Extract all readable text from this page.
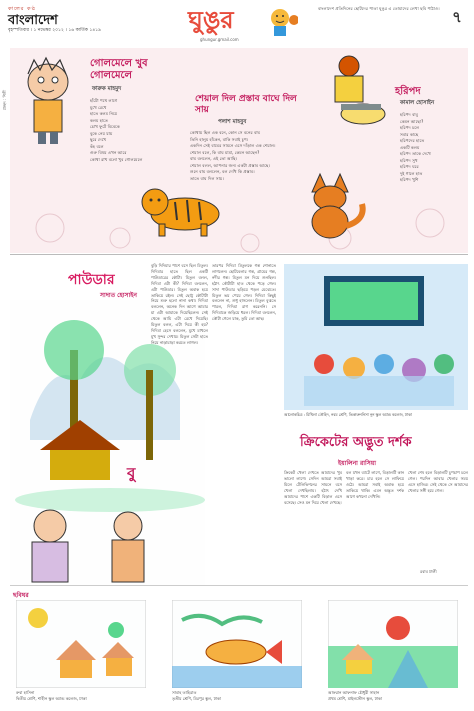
কালের কণ্ঠ
বাংলাদেশ
বৃহস্পতিবার । ১ নভেম্বর ২০১২ । ১৬ কার্তিক ১৪১৯	ঘুঙুর
ghungur.gmail.com
বাংলাদেশ প্রতিদিনের ছোটদের পাতা ঘুঙুর এ তোমাদের লেখা ছবি পাঠাও। ৭
গোলমেলে খুব গোলমেলে
ফারুক মাহমুদ
হাঁটো পথে লাগে
মুখে রেখে
হাতে কলম নিয়ে
কলম হাতে
চোখ ফুটে বিবেকে
বুকে নেয় যায়
ছুরে দেখে
কঁহ বলে
গুরু বিষয় এখন আরে
কোথা রাখ বলো খুব গোলমেলে
শেয়াল দিল প্রস্তাব বাঘে দিল সায়
পলাশ মাহবুব
কোথায় ছিল এক বনে, কোন সে বনের বাঘ
তিনি হালুম হাঁকেন, বাকি সবাই চুপ।
একদিন সেই বাঘের সামনে এসে দাঁড়াল এক শেয়াল।
শেয়াল বলে, কি বাঘ মামা, কেমন আছেন?
বাঘ বললেন, এই তো আছি।
শেয়াল বলল, আপনার জন্য একটা প্রস্তাব আছে।
শুনে বাঘ বললেন, বল দেখি কি প্রস্তাব।
তাতে বাঘ দিল সায়।
হরিপদ
কামাল হোসাইন
হরিপদ বাবু
কেমন আছো?
হরিপদ চলে
সবার কাছে
হরিপদের হাতে
একটি কলম
হরিপদ তাকে দেখে
হরিপদ সুখ
হরিপদ ঘরে
দুই গালে হাত
হরিপদ খুশি
প্রচ্ছদ : শিল্পী
পাউডার
সাদাত হোসাইন
বুড়ি দিদিমার পাশে বসে ছিল মিতুল। দিদিমার হাতে ছিল একটি পাউডারের কৌটা। মিতুল বলল, দিদিমা এটা কী? দিদিমা বললেন, এটা পাউডার। মিতুল অবাক হয়ে তাকিয়ে রইল। সেই ছোট্ট কৌটাটা নিয়ে শুরু হলো নানা কথা। দিদিমা বললেন, অনেক দিন আগে আমার মা এটা আমাকে দিয়েছিলেন। সেই থেকে আমি এটা রেখে দিয়েছি। মিতুল বলল, এটা দিয়ে কী হয়? দিদিমা হেসে বললেন, মুখে মাখলে মুখ সুন্দর দেখায়। মিতুল সেটা হাতে নিয়ে নাড়াচাড়া করতে লাগল।
তারপর দিদিমা মিতুলকে গল্প শোনাতে লাগলেন। ছোটবেলার গল্প, গ্রামের গল্প, নদীর গল্প। মিতুল মন দিয়ে শুনছিল। হঠাৎ কৌটাটা হাত থেকে পড়ে গেল। সাদা পাউডার ছড়িয়ে পড়ল মেঝেতে। মিতুল ভয় পেয়ে গেল। দিদিমা কিছুই বললেন না, শুধু হাসলেন। মিতুল বুঝতে পারল, দিদিমা রাগ করেননি। সে দিদিমাকে জড়িয়ে ধরল। দিদিমা বললেন, কৌটা গেলে যাক, তুমি তো আছ।
বু
আলোকচিত্র : মিথিলা তৌহিদ, নবম শ্রেণি, ভিকারুননিসা নূন স্কুল অ্যান্ড কলেজ, ঢাকা
ক্রিকেটের অদ্ভুত দর্শক
ইয়ালিনা রাসিয়া
ক্রিকেট খেলা দেখতে আমাদের খুব ভালো লাগে। সেদিন আমরা সবাই মিলে টেলিভিশনের সামনে বসে খেলা দেখছিলাম। হঠাৎ দেখি আমাদের পাশে একটি বিড়াল এসে বসেছে। সেও মন দিয়ে খেলা দেখছে।
বল যখন ব্যাটে লাগে, বিড়ালটি কান খাড়া করে। চার হলে সে লাফিয়ে ওঠে। আমরা সবাই অবাক হয়ে তাকিয়ে থাকি। এমন অদ্ভুত দর্শক আগে কখনো দেখিনি।
খেলা শেষ হলে বিড়ালটি চুপচাপ চলে গেল। পরদিন আবার খেলার সময় এসে হাজির। সেই থেকে সে আমাদের খেলার সঙ্গী হয়ে গেল।
রবাব ঢালী
ছবিঘর
রুবা হাসিনা
দ্বিতীয় শ্রেণি, শাহীন স্কুল অ্যান্ড কলেজ, ঢাকা
সাবাহ তাহিরাত
তৃতীয় শ্রেণি, মিরপুর স্কুল, ঢাকা
আফরান আফনাফ চৌধুরী সাহান
প্রথম শ্রেণি, মাইলস্টোন স্কুল, ঢাকা
